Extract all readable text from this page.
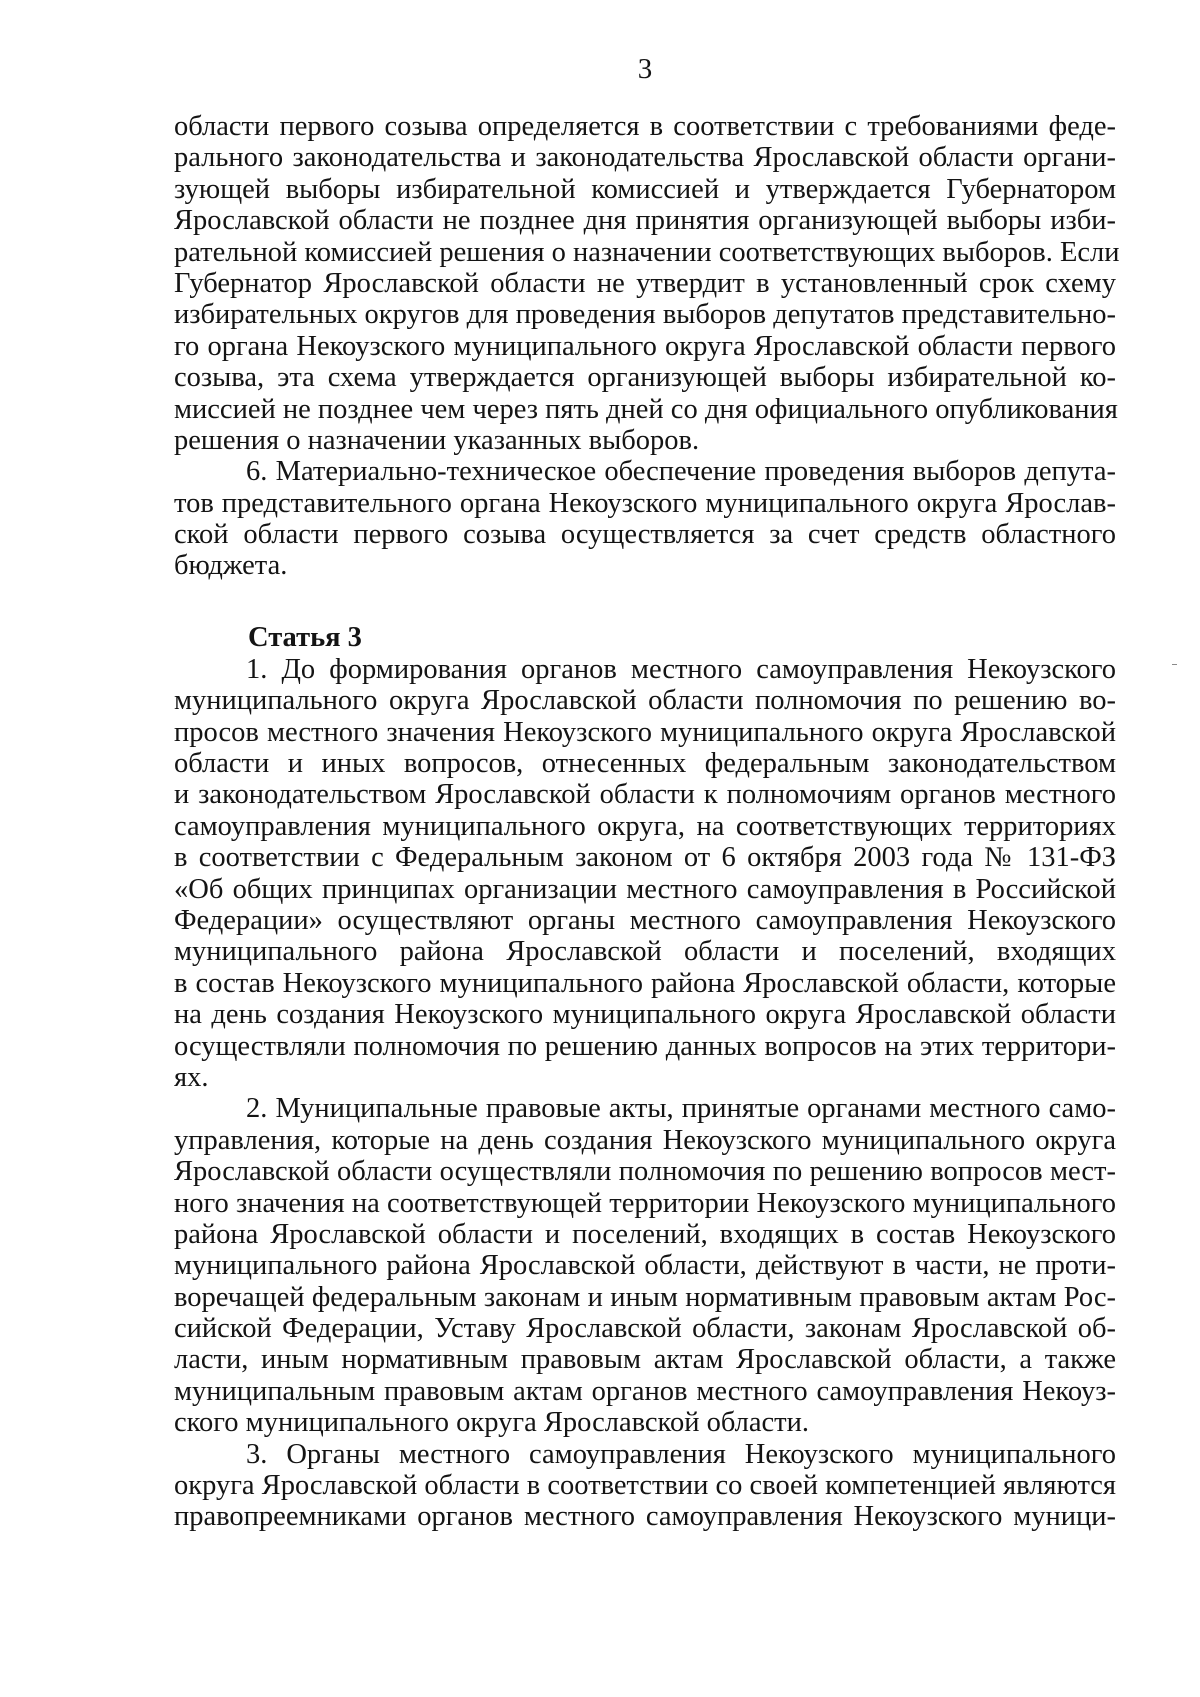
3
области первого созыва определяется в соответствии с требованиями феде-
рального законодательства и законодательства Ярославской области органи-
зующей выборы избирательной комиссией и утверждается Губернатором
Ярославской области не позднее дня принятия организующей выборы изби-
рательной комиссией решения о назначении соответствующих выборов. Если
Губернатор Ярославской области не утвердит в установленный срок схему
избирательных округов для проведения выборов депутатов представительно-
го органа Некоузского муниципального округа Ярославской области первого
созыва, эта схема утверждается организующей выборы избирательной ко-
миссией не позднее чем через пять дней со дня официального опубликования
решения о назначении указанных выборов.
6. Материально-техническое обеспечение проведения выборов депута-
тов представительного органа Некоузского муниципального округа Ярослав-
ской области первого созыва осуществляется за счет средств областного
бюджета.
Статья 3
1. До формирования органов местного самоуправления Некоузского
муниципального округа Ярославской области полномочия по решению во-
просов местного значения Некоузского муниципального округа Ярославской
области и иных вопросов, отнесенных федеральным законодательством
и законодательством Ярославской области к полномочиям органов местного
самоуправления муниципального округа, на соответствующих территориях
в соответствии с Федеральным законом от 6 октября 2003 года № 131-ФЗ
«Об общих принципах организации местного самоуправления в Российской
Федерации» осуществляют органы местного самоуправления Некоузского
муниципального района Ярославской области и поселений, входящих
в состав Некоузского муниципального района Ярославской области, которые
на день создания Некоузского муниципального округа Ярославской области
осуществляли полномочия по решению данных вопросов на этих территори-
ях.
2. Муниципальные правовые акты, принятые органами местного само-
управления, которые на день создания Некоузского муниципального округа
Ярославской области осуществляли полномочия по решению вопросов мест-
ного значения на соответствующей территории Некоузского муниципального
района Ярославской области и поселений, входящих в состав Некоузского
муниципального района Ярославской области, действуют в части, не проти-
воречащей федеральным законам и иным нормативным правовым актам Рос-
сийской Федерации, Уставу Ярославской области, законам Ярославской об-
ласти, иным нормативным правовым актам Ярославской области, а также
муниципальным правовым актам органов местного самоуправления Некоуз-
ского муниципального округа Ярославской области.
3. Органы местного самоуправления Некоузского муниципального
округа Ярославской области в соответствии со своей компетенцией являются
правопреемниками органов местного самоуправления Некоузского муници-
